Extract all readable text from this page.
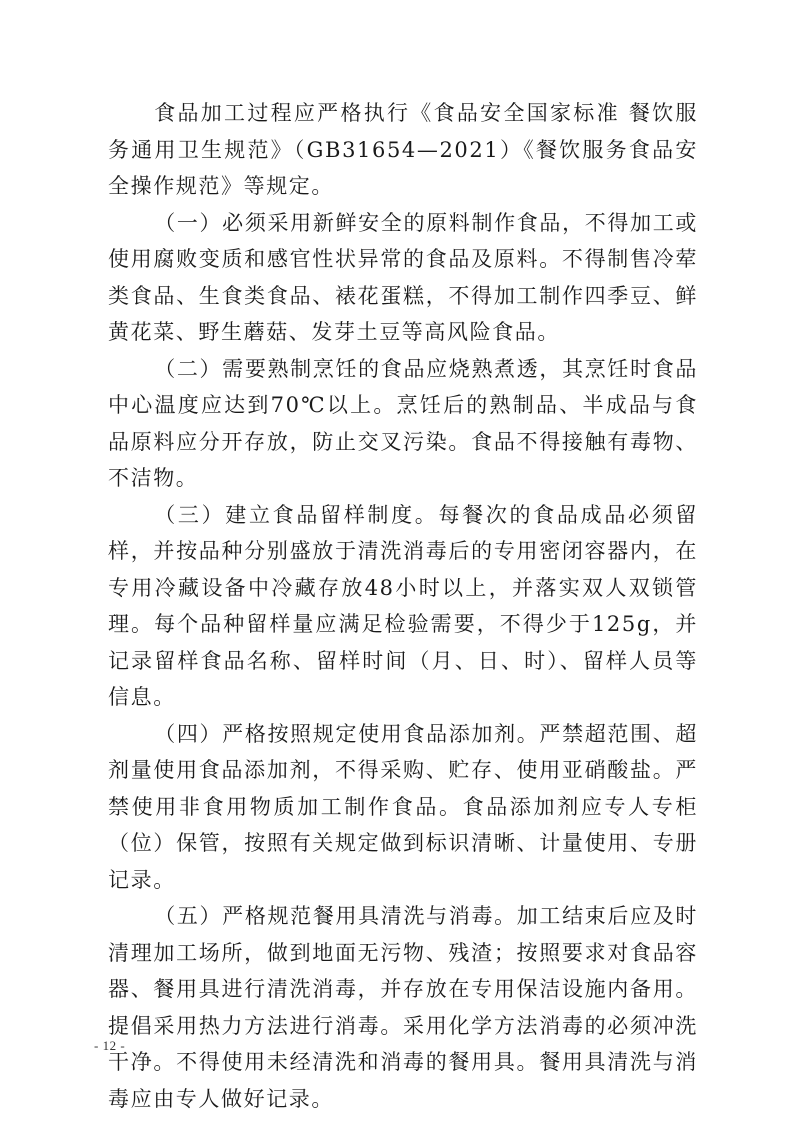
食品加工过程应严格执行《食品安全国家标准 餐饮服务通用卫生规范》（GB31654—2021）《餐饮服务食品安全操作规范》等规定。

（一）必须采用新鲜安全的原料制作食品，不得加工或使用腐败变质和感官性状异常的食品及原料。不得制售冷荤类食品、生食类食品、裱花蛋糕，不得加工制作四季豆、鲜黄花菜、野生蘑菇、发芽土豆等高风险食品。

（二）需要熟制烹饪的食品应烧熟煮透，其烹饪时食品中心温度应达到70℃以上。烹饪后的熟制品、半成品与食品原料应分开存放，防止交叉污染。食品不得接触有毒物、不洁物。

（三）建立食品留样制度。每餐次的食品成品必须留样，并按品种分别盛放于清洗消毒后的专用密闭容器内，在专用冷藏设备中冷藏存放48小时以上，并落实双人双锁管理。每个品种留样量应满足检验需要，不得少于125g，并记录留样食品名称、留样时间（月、日、时）、留样人员等信息。

（四）严格按照规定使用食品添加剂。严禁超范围、超剂量使用食品添加剂，不得采购、贮存、使用亚硝酸盐。严禁使用非食用物质加工制作食品。食品添加剂应专人专柜（位）保管，按照有关规定做到标识清晰、计量使用、专册记录。

（五）严格规范餐用具清洗与消毒。加工结束后应及时清理加工场所，做到地面无污物、残渣；按照要求对食品容器、餐用具进行清洗消毒，并存放在专用保洁设施内备用。提倡采用热力方法进行消毒。采用化学方法消毒的必须冲洗干净。不得使用未经清洗和消毒的餐用具。餐用具清洗与消毒应由专人做好记录。

- 12 -
